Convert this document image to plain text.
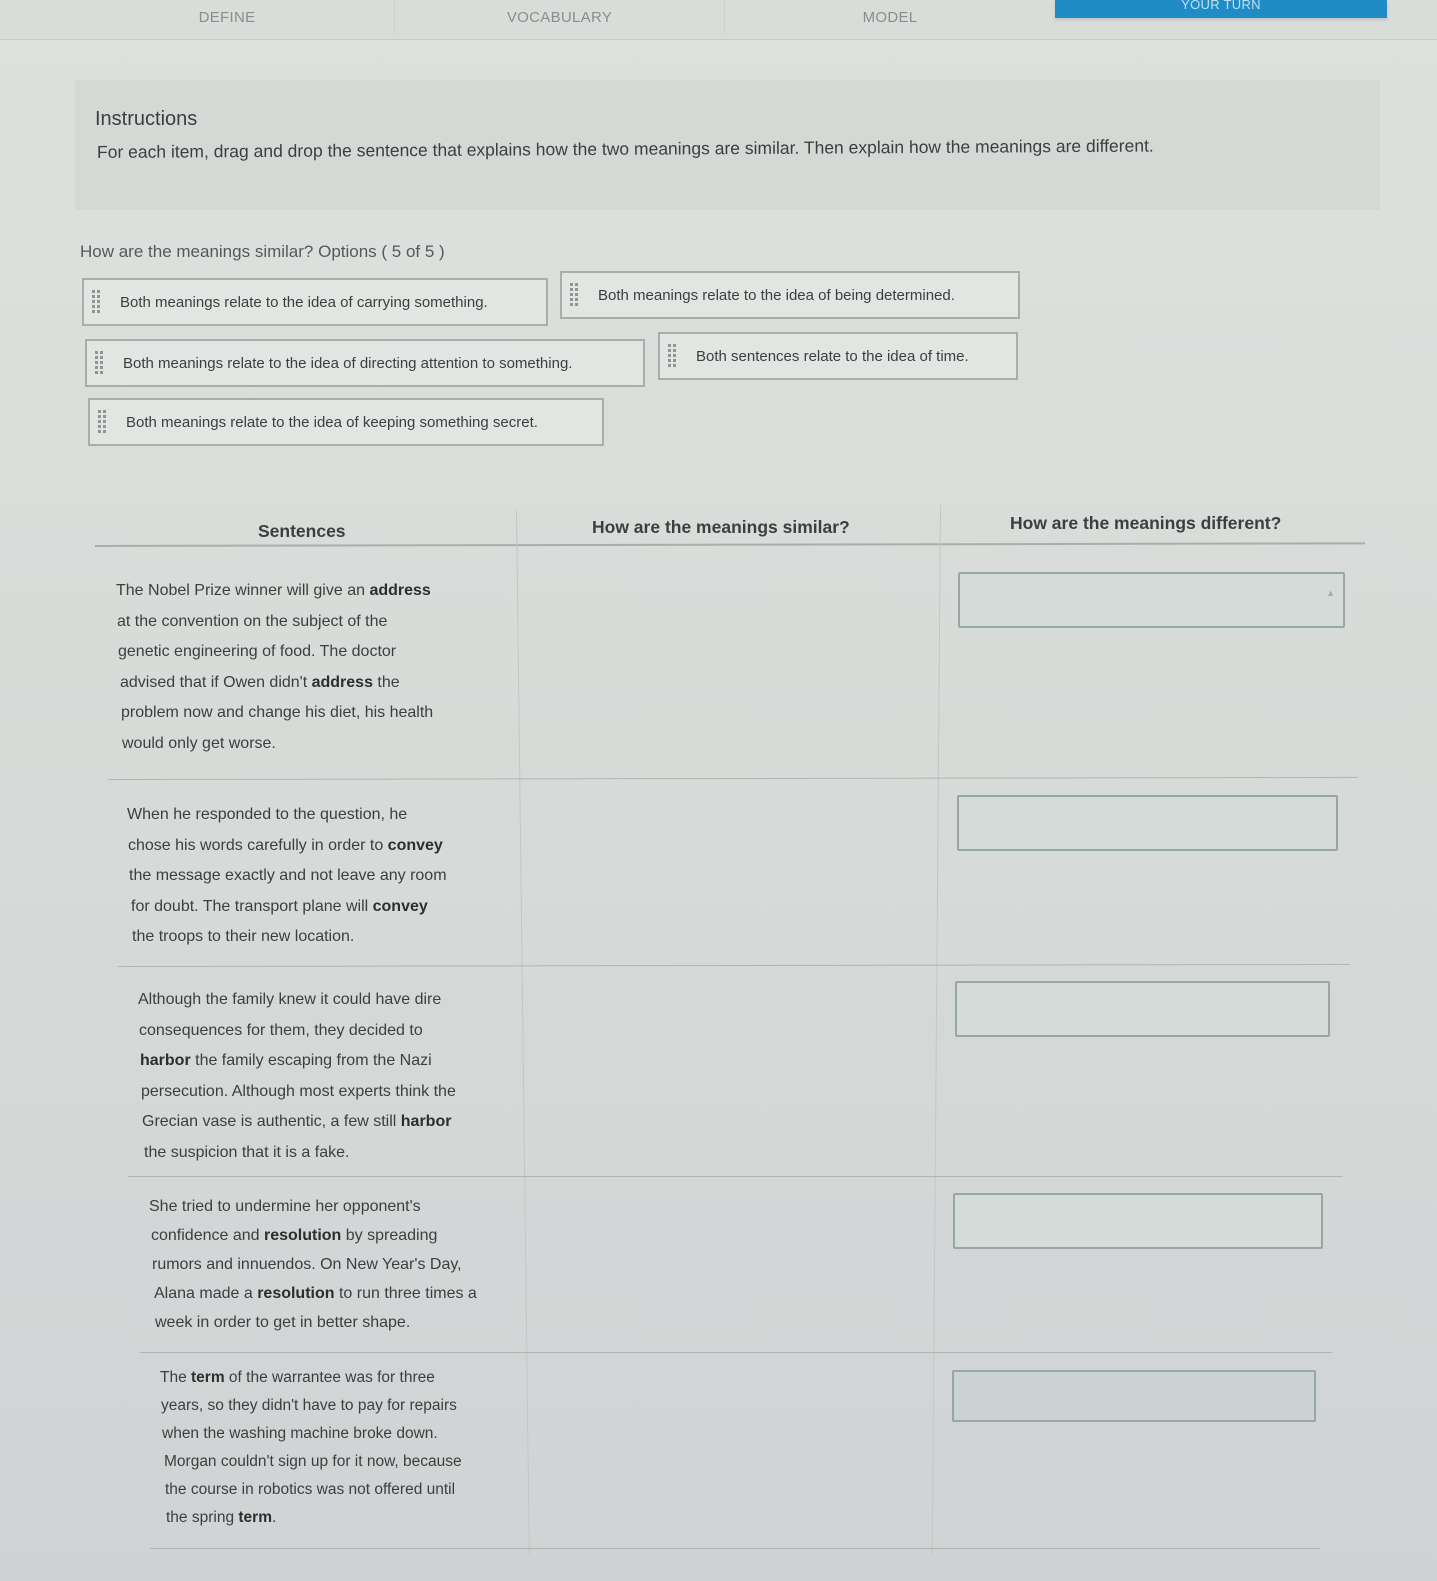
DEFINE	VOCABULARY	MODEL
YOUR TURN
Instructions

For each item, drag and drop the sentence that explains how the two meanings are similar. Then explain how the meanings are different.

How are the meanings similar? Options ( 5 of 5 )
Both meanings relate to the idea of carrying something.	Both meanings relate to the idea of being determined.
Both meanings relate to the idea of directing attention to something.	Both sentences relate to the idea of time.
Both meanings relate to the idea of keeping something secret.
Sentences	How are the meanings similar?	How are the meanings different?
The Nobel Prize winner will give an address
at the convention on the subject of the
genetic engineering of food. The doctor
advised that if Owen didn't address the
problem now and change his diet, his health
would only get worse.
▲
When he responded to the question, he
chose his words carefully in order to convey
the message exactly and not leave any room
for doubt. The transport plane will convey
the troops to their new location.
Although the family knew it could have dire
consequences for them, they decided to
harbor the family escaping from the Nazi
persecution. Although most experts think the
Grecian vase is authentic, a few still harbor
the suspicion that it is a fake.
She tried to undermine her opponent's
confidence and resolution by spreading
rumors and innuendos. On New Year's Day,
Alana made a resolution to run three times a
week in order to get in better shape.
The term of the warrantee was for three
years, so they didn't have to pay for repairs
when the washing machine broke down.
Morgan couldn't sign up for it now, because
the course in robotics was not offered until
the spring term.
